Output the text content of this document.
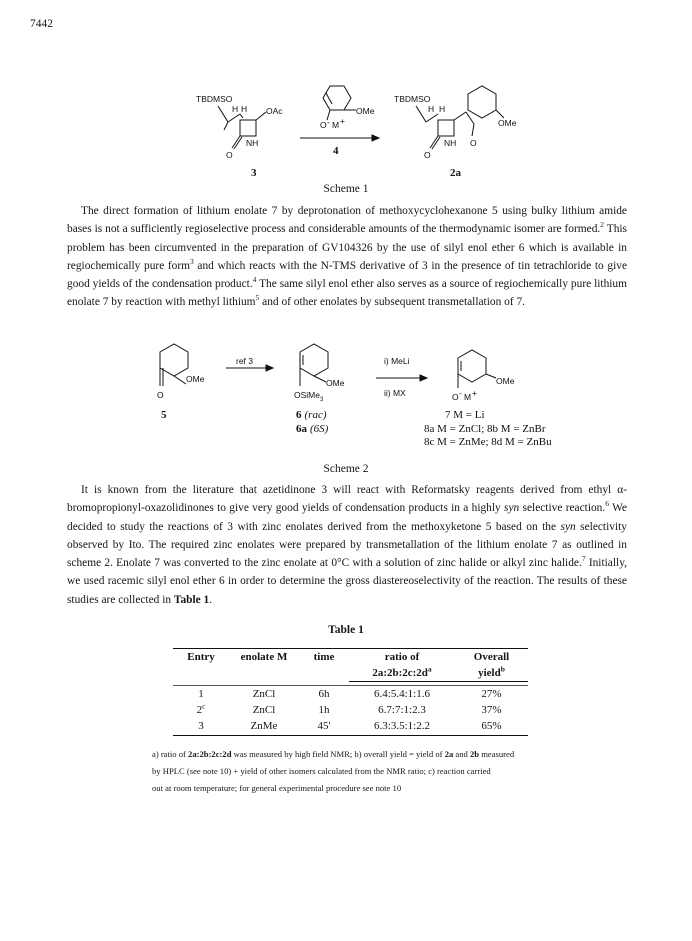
7442
TBDMSO
H H OAc
O
NH
3
OMe
O - M +
4
TBDMSO
H H
O
OMe
O
NH
2a
Scheme 1

The direct formation of lithium enolate 7 by deprotonation of methoxycyclohexanone 5 using bulky lithium amide bases is not a sufficiently regioselective process and considerable amounts of the thermodynamic isomer are formed.$^2$ This problem has been circumvented in the preparation of GV104326 by the use of silyl enol ether 6 which is available in regiochemically pure form$^3$ and which reacts with the N-TMS derivative of 3 in the presence of tin tetrachloride to give good yields of the condensation product.$^4$ The same silyl enol ether also serves as a source of regiochemically pure lithium enolate 7 by reaction with methyl lithium$^5$ and of other enolates by subsequent transmetallation of 7.

O
OMe
5
ref 3
OMe
OSiMe$_3$
6 (rac)
6a (6S)
i) MeLi
ii) MX
OMe
O - M +
7 M = Li
8a M = ZnCl; 8b M = ZnBr
8c M = ZnMe; 8d M = ZnBu
Scheme 2

It is known from the literature that azetidinone 3 will react with Reformatsky reagents derived from ethyl α-bromopropionyl-oxazolidinones to give very good yields of condensation products in a highly syn selective reaction.$^6$ We decided to study the reactions of 3 with zinc enolates derived from the methoxyketone 5 based on the syn selectivity observed by Ito. The required zinc enolates were prepared by transmetallation of the lithium enolate 7 as outlined in scheme 2. Enolate 7 was converted to the zinc enolate at 0°C with a solution of zinc halide or alkyl zinc halide.$^7$ Initially, we used racemic silyl enol ether 6 in order to determine the gross diastereoselectivity of the reaction. The results of these studies are collected in Table 1.

Table 1
Entry	enolate M	time	ratio of	Overall
			$2a:2b:2c:2d^a$	yield$^b$

1	ZnCl	6h	6.4:5.4:1:1.6	27%
2$^c$	ZnCl	1h	6.7:7:1:2.3	37%
3	ZnMe	45'	6.3:3.5:1:2.2	65%
a) ratio of 2a:2b:2c:2d was measured by high field NMR; b) overall yield = yield of 2a and 2b measured
by HPLC (see note 10) + yield of other isomers calculated from the NMR ratio; c) reaction carried
out at room temperature; for general experimental procedure see note 10
